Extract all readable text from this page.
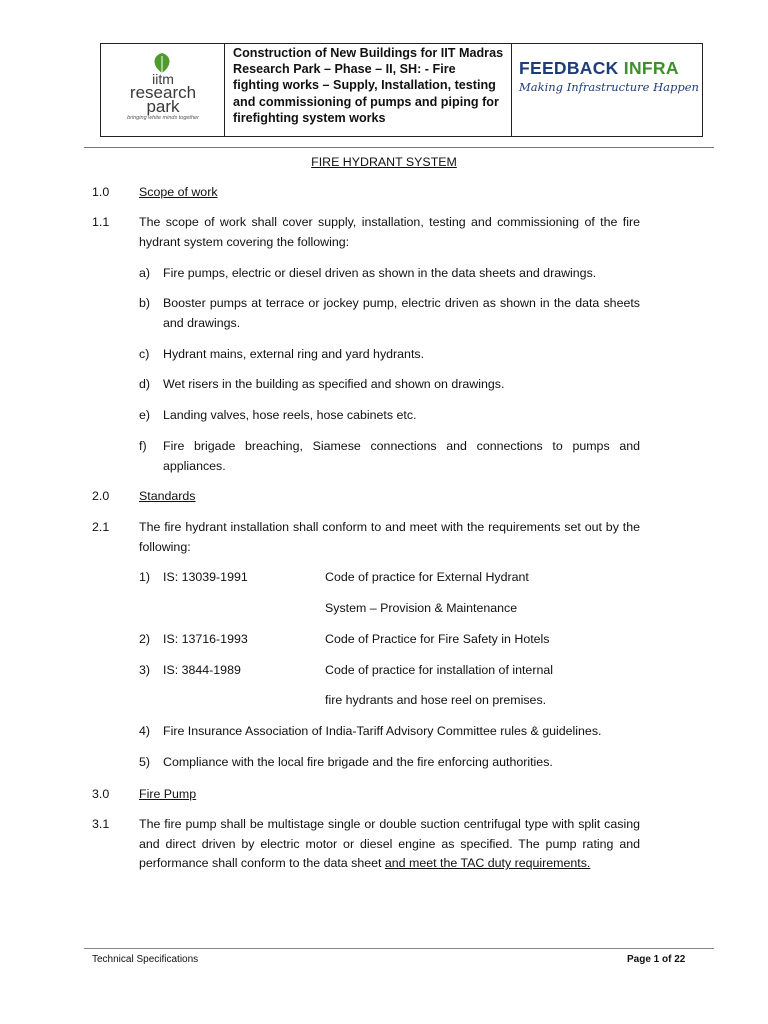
iitm
research
park
bringing white minds together

Construction of New Buildings for IIT Madras Research Park – Phase – II, SH: - Fire fighting works – Supply, Installation, testing and commissioning of pumps and piping for firefighting system works

FEEDBACK INFRA
Making Infrastructure Happen
FIRE HYDRANT SYSTEM
1.0 Scope of work
1.1 The scope of work shall cover supply, installation, testing and commissioning of the fire hydrant system covering the following:
a) Fire pumps, electric or diesel driven as shown in the data sheets and drawings.
b) Booster pumps at terrace or jockey pump, electric driven as shown in the data sheets and drawings.
c) Hydrant mains, external ring and yard hydrants.
d) Wet risers in the building as specified and shown on drawings.
e) Landing valves, hose reels, hose cabinets etc.
f) Fire brigade breaching, Siamese connections and connections to pumps and appliances.
2.0 Standards
2.1 The fire hydrant installation shall conform to and meet with the requirements set out by the following:
1) IS: 13039-1991	Code of practice for External Hydrant
System – Provision & Maintenance
2) IS: 13716-1993	Code of Practice for Fire Safety in Hotels
3) IS: 3844-1989	Code of practice for installation of internal
fire hydrants and hose reel on premises.
4) Fire Insurance Association of India-Tariff Advisory Committee rules & guidelines.
5) Compliance with the local fire brigade and the fire enforcing authorities.
3.0 Fire Pump
3.1 The fire pump shall be multistage single or double suction centrifugal type with split casing and direct driven by electric motor or diesel engine as specified. The pump rating and performance shall conform to the data sheet and meet the TAC duty requirements.
Technical Specifications	Page 1 of 22
